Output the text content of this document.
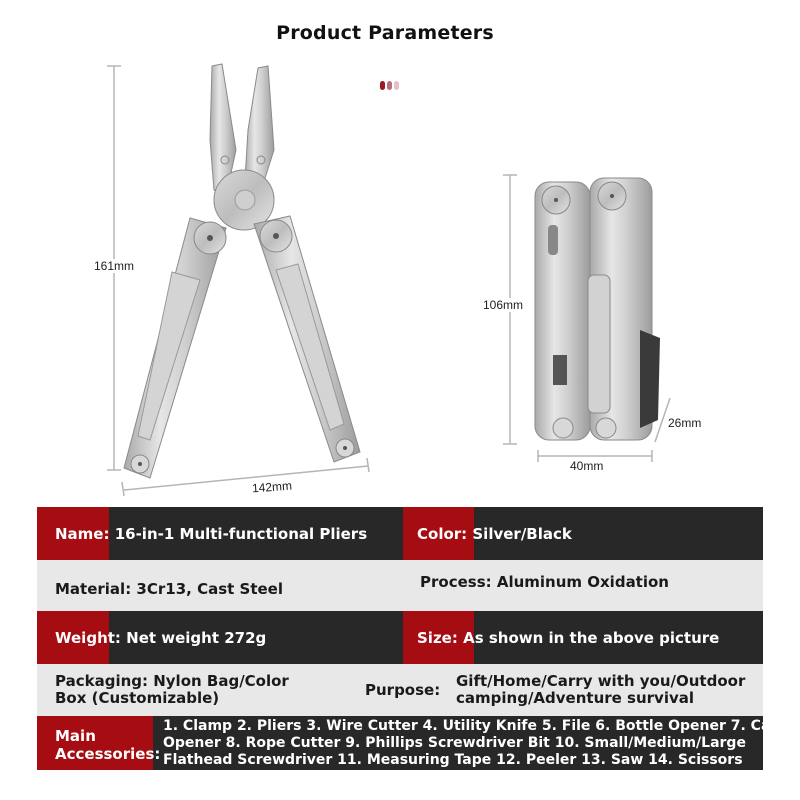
Product Parameters
161mm
142mm
106mm
40mm
26mm
Name: 16-in-1 Multi-functional Pliers	Color: Silver/Black
Material: 3Cr13, Cast Steel	Process: Aluminum Oxidation
Weight: Net weight 272g	Size: As shown in the above picture
Packaging: Nylon Bag/Color
Box (Customizable)	Purpose: Gift/Home/Carry with you/Outdoor
camping/Adventure survival
Main
Accessories:
1. Clamp 2. Pliers 3. Wire Cutter 4. Utility Knife 5. File 6. Bottle Opener 7. Can
Opener 8. Rope Cutter 9. Phillips Screwdriver Bit 10. Small/Medium/Large
Flathead Screwdriver 11. Measuring Tape 12. Peeler 13. Saw 14. Scissors
